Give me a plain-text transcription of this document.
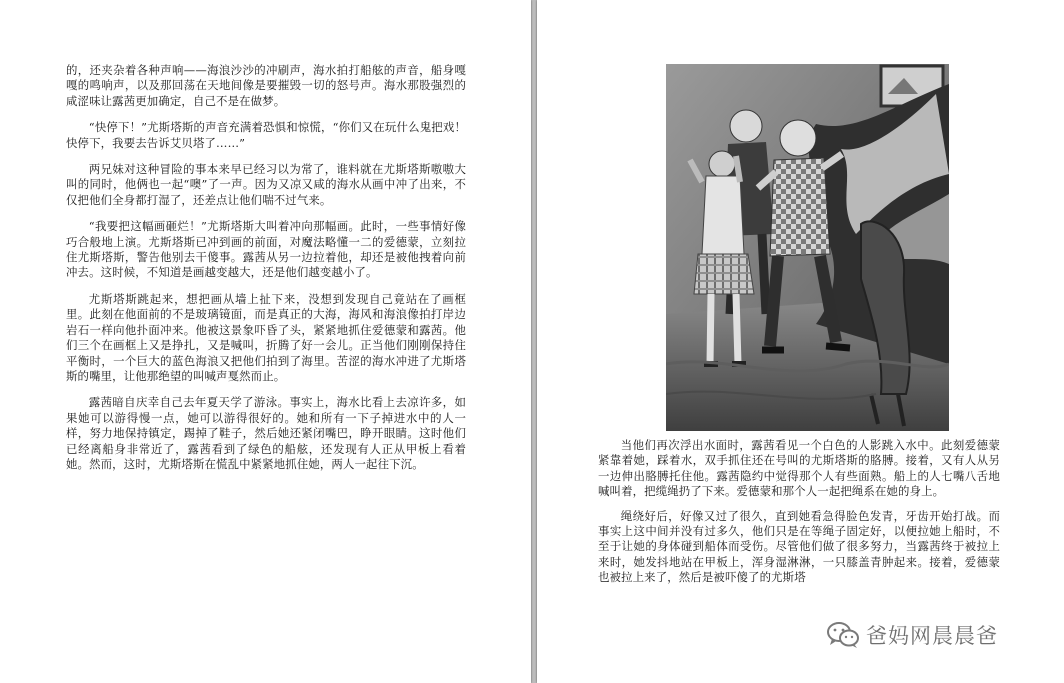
的，还夹杂着各种声响——海浪沙沙的冲刷声，海水拍打船舷的声音，船身嘎嘎的鸣响声，以及那回荡在天地间像是要摧毁一切的怒号声。海水那股强烈的咸涩味让露茜更加确定，自己不是在做梦。

“快停下！”尤斯塔斯的声音充满着恐惧和惊慌，“你们又在玩什么鬼把戏！快停下，我要去告诉艾贝塔了……”

两兄妹对这种冒险的事本来早已经习以为常了，谁料就在尤斯塔斯嗷嗷大叫的同时，他俩也一起“噢”了一声。因为又凉又咸的海水从画中冲了出来，不仅把他们全身都打湿了，还差点让他们喘不过气来。

“我要把这幅画砸烂！”尤斯塔斯大叫着冲向那幅画。此时，一些事情好像巧合般地上演。尤斯塔斯已冲到画的前面，对魔法略懂一二的爱德蒙，立刻拉住尤斯塔斯，警告他别去干傻事。露茜从另一边拉着他，却还是被他拽着向前冲去。这时候，不知道是画越变越大，还是他们越变越小了。

尤斯塔斯跳起来，想把画从墙上扯下来，没想到发现自己竟站在了画框里。此刻在他面前的不是玻璃镜面，而是真正的大海，海风和海浪像拍打岸边岩石一样向他扑面冲来。他被这景象吓昏了头，紧紧地抓住爱德蒙和露茜。他们三个在画框上又是挣扎，又是喊叫，折腾了好一会儿。正当他们刚刚保持住平衡时，一个巨大的蓝色海浪又把他们拍到了海里。苦涩的海水冲进了尤斯塔斯的嘴里，让他那绝望的叫喊声戛然而止。

露茜暗自庆幸自己去年夏天学了游泳。事实上，海水比看上去凉许多，如果她可以游得慢一点，她可以游得很好的。她和所有一下子掉进水中的人一样，努力地保持镇定，踢掉了鞋子，然后她还紧闭嘴巴，睁开眼睛。这时他们已经离船身非常近了，露茜看到了绿色的船舷，还发现有人正从甲板上看着她。然而，这时，尤斯塔斯在慌乱中紧紧地抓住她，两人一起往下沉。

当他们再次浮出水面时，露茜看见一个白色的人影跳入水中。此刻爱德蒙紧靠着她，踩着水，双手抓住还在号叫的尤斯塔斯的胳膊。接着，又有人从另一边伸出胳膊托住他。露茜隐约中觉得那个人有些面熟。船上的人七嘴八舌地喊叫着，把缆绳扔了下来。爱德蒙和那个人一起把绳系在她的身上。

绳绕好后，好像又过了很久，直到她看急得脸色发青，牙齿开始打战。而事实上这中间并没有过多久，他们只是在等绳子固定好，以便拉她上船时，不至于让她的身体碰到船体而受伤。尽管他们做了很多努力，当露茜终于被拉上来时，她发抖地站在甲板上，浑身湿淋淋，一只膝盖青肿起来。接着，爱德蒙也被拉上来了，然后是被吓傻了的尤斯塔

爸妈网晨晨爸
